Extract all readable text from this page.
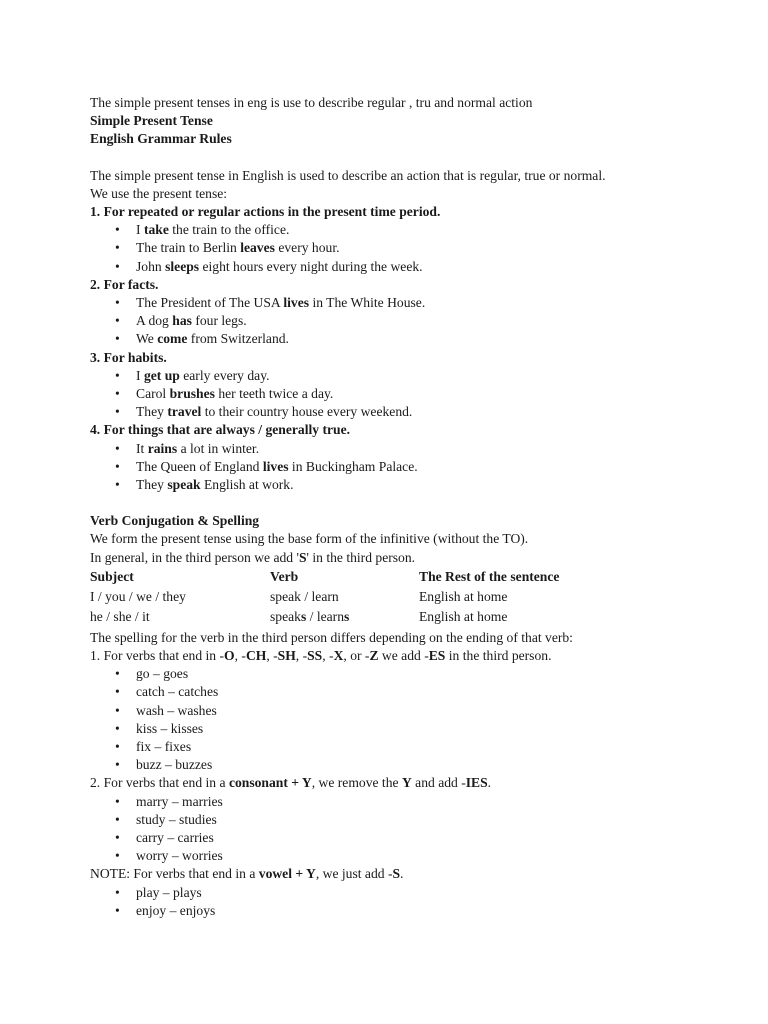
The simple present tenses in eng is use to describe regular , tru and normal action

Simple Present Tense

English Grammar Rules

The simple present tense in English is used to describe an action that is regular, true or normal.

We use the present tense:

1. For repeated or regular actions in the present time period.

• I take the train to the office.
• The train to Berlin leaves every hour.
• John sleeps eight hours every night during the week.

2. For facts.

• The President of The USA lives in The White House.
• A dog has four legs.
• We come from Switzerland.

3. For habits.

• I get up early every day.
• Carol brushes her teeth twice a day.
• They travel to their country house every weekend.

4. For things that are always / generally true.

• It rains a lot in winter.
• The Queen of England lives in Buckingham Palace.
• They speak English at work.

Verb Conjugation & Spelling

We form the present tense using the base form of the infinitive (without the TO).

In general, in the third person we add 'S' in the third person.

Subject	Verb	The Rest of the sentence
I / you / we / they	speak / learn	English at home
he / she / it	speaks / learns	English at home

The spelling for the verb in the third person differs depending on the ending of that verb:

1. For verbs that end in -O, -CH, -SH, -SS, -X, or -Z we add -ES in the third person.

• go – goes
• catch – catches
• wash – washes
• kiss – kisses
• fix – fixes
• buzz – buzzes

2. For verbs that end in a consonant + Y, we remove the Y and add -IES.

• marry – marries
• study – studies
• carry – carries
• worry – worries

NOTE: For verbs that end in a vowel + Y, we just add -S.

• play – plays
• enjoy – enjoys
